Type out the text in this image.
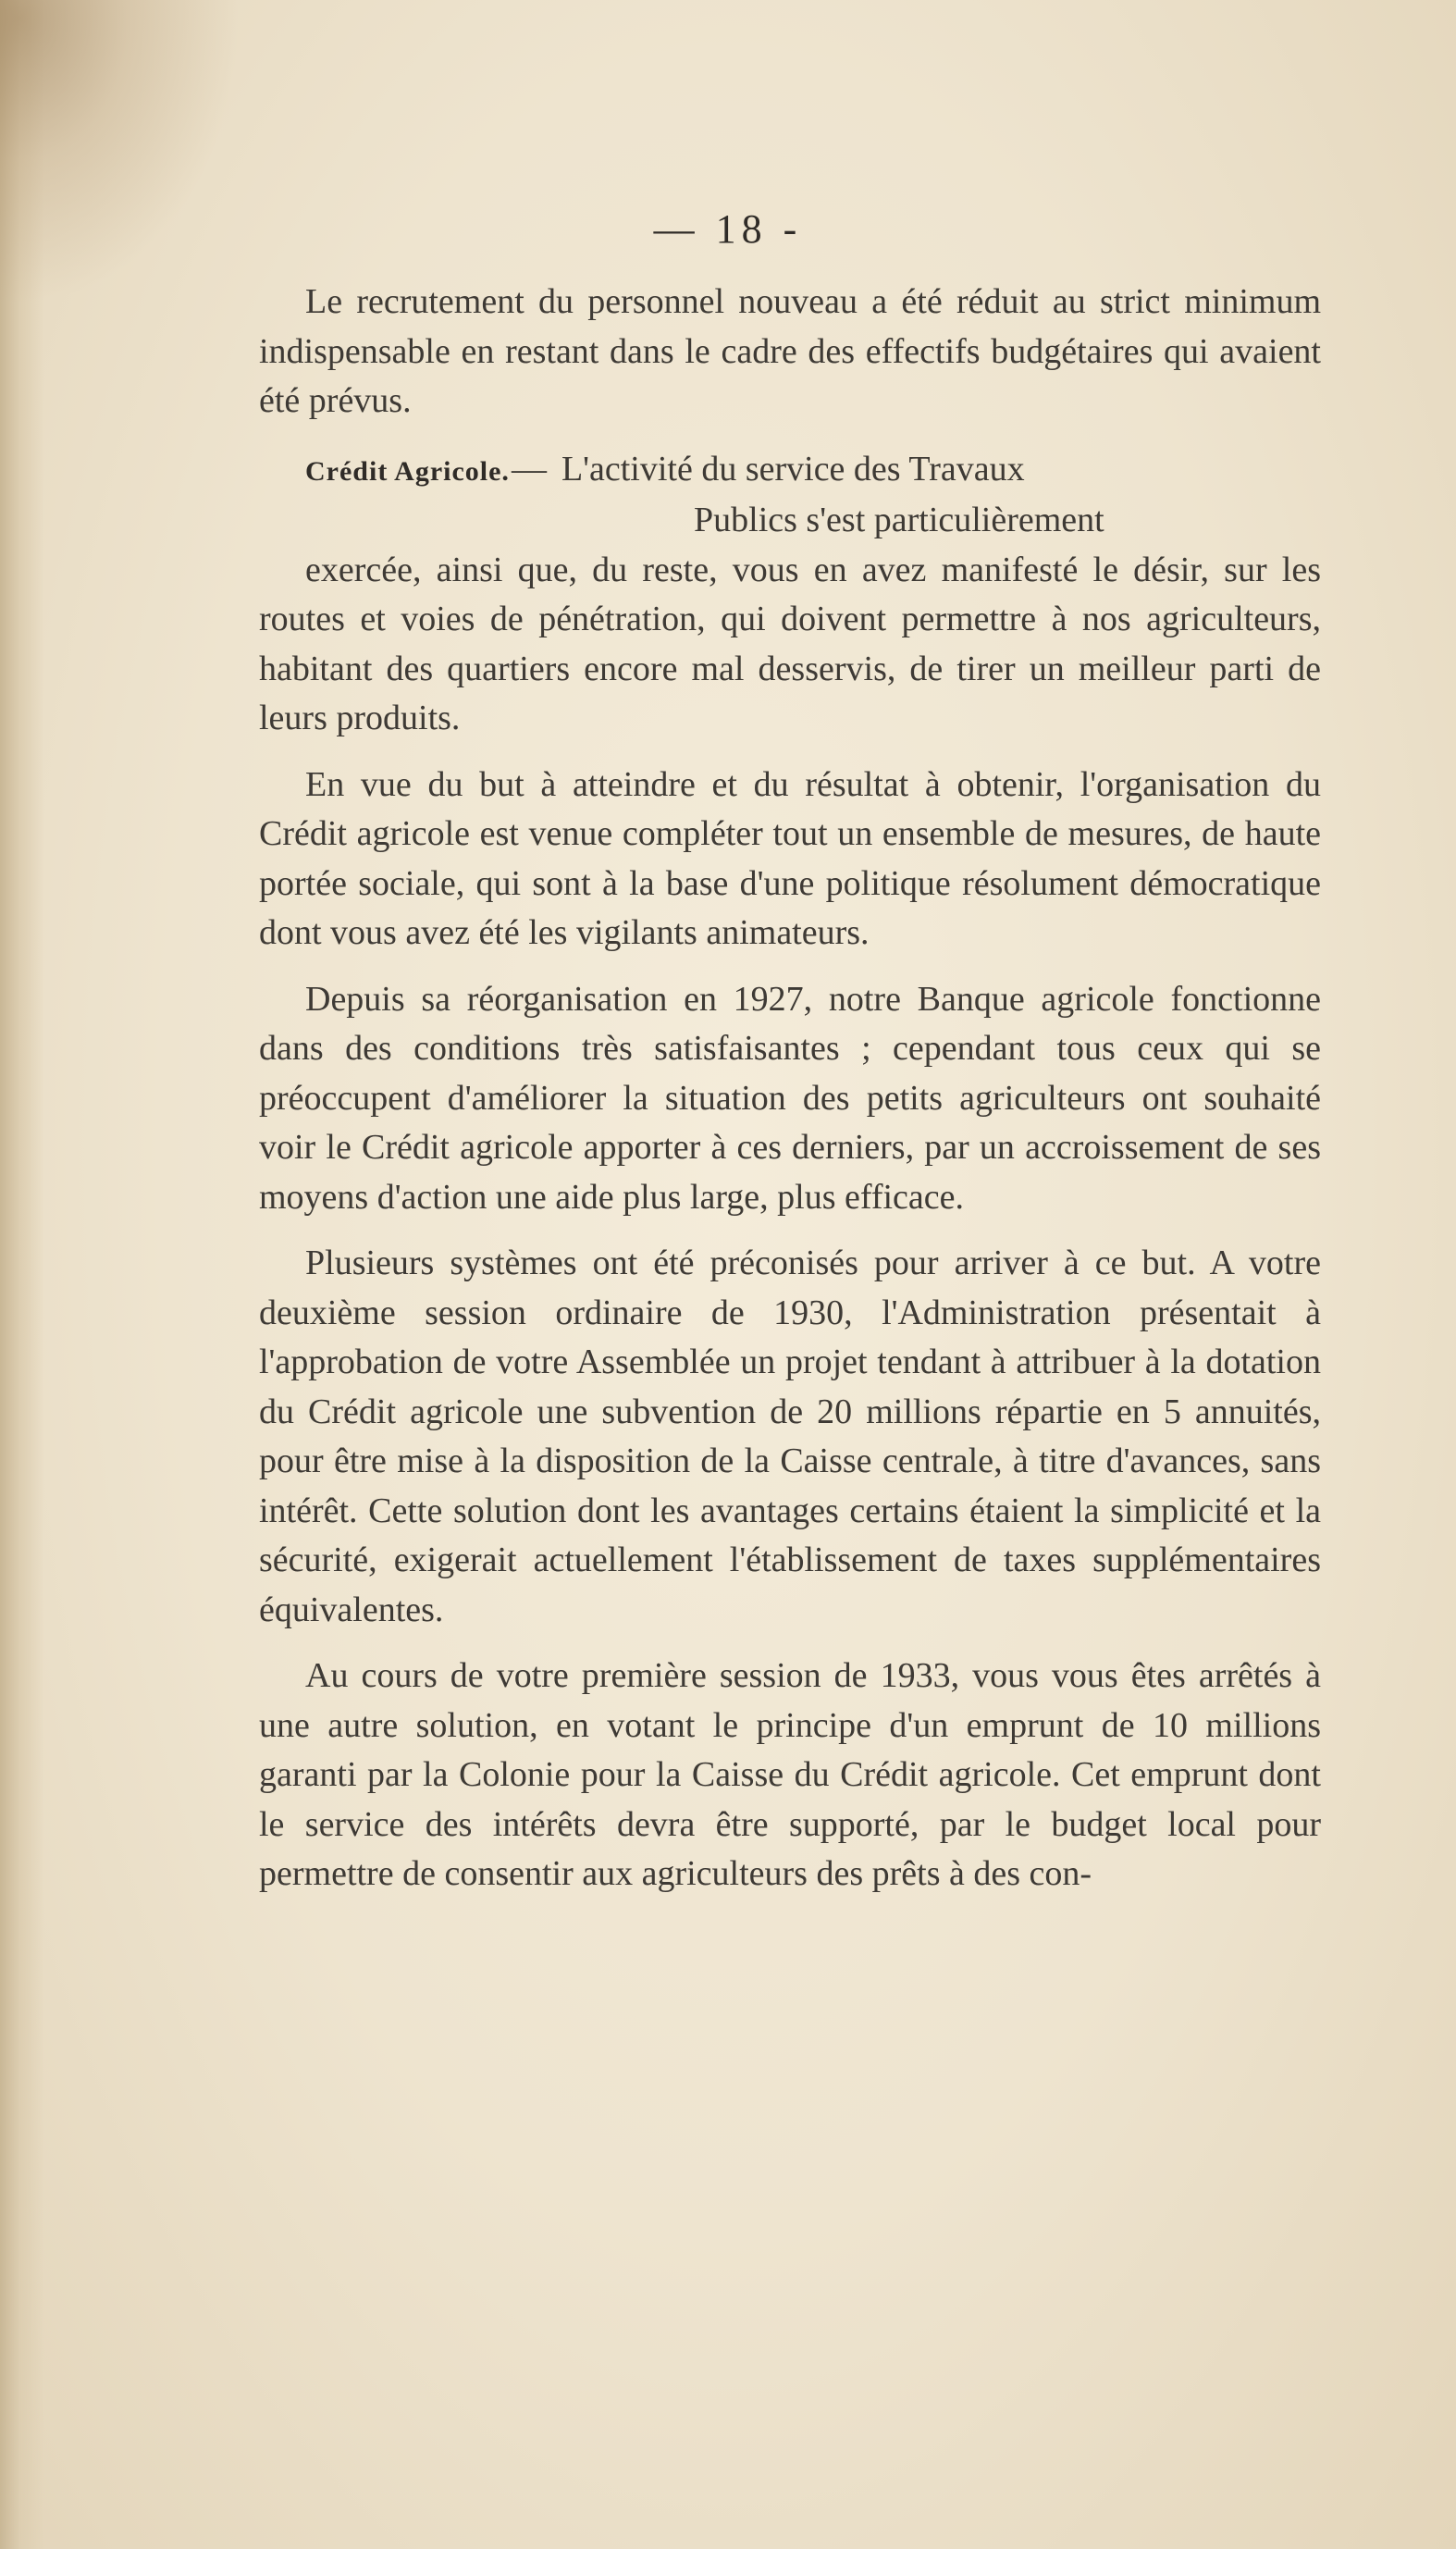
— 18 -

Le recrutement du personnel nouveau a été réduit au strict minimum indispensable en restant dans le cadre des effectifs budgétaires qui avaient été prévus.

Crédit Agricole.— L'activité du service des Travaux

Publics s'est particulièrement

exercée, ainsi que, du reste, vous en avez manifesté le désir, sur les routes et voies de pénétration, qui doivent permettre à nos agriculteurs, habitant des quartiers encore mal desservis, de tirer un meilleur parti de leurs produits.

En vue du but à atteindre et du résultat à obtenir, l'organisation du Crédit agricole est venue compléter tout un ensemble de mesures, de haute portée sociale, qui sont à la base d'une politique résolument démocratique dont vous avez été les vigilants animateurs.

Depuis sa réorganisation en 1927, notre Banque agricole fonctionne dans des conditions très satisfaisantes ; cependant tous ceux qui se préoccupent d'améliorer la situation des petits agriculteurs ont souhaité voir le Crédit agricole apporter à ces derniers, par un accroissement de ses moyens d'action une aide plus large, plus efficace.

Plusieurs systèmes ont été préconisés pour arriver à ce but. A votre deuxième session ordinaire de 1930, l'Administration présentait à l'approbation de votre Assemblée un projet tendant à attribuer à la dotation du Crédit agricole une subvention de 20 millions répartie en 5 annuités, pour être mise à la disposition de la Caisse centrale, à titre d'avances, sans intérêt. Cette solution dont les avantages certains étaient la simplicité et la sécurité, exigerait actuellement l'établissement de taxes supplémentaires équivalentes.

Au cours de votre première session de 1933, vous vous êtes arrêtés à une autre solution, en votant le principe d'un emprunt de 10 millions garanti par la Colonie pour la Caisse du Crédit agricole. Cet emprunt dont le service des intérêts devra être supporté, par le budget local pour permettre de consentir aux agriculteurs des prêts à des con-
